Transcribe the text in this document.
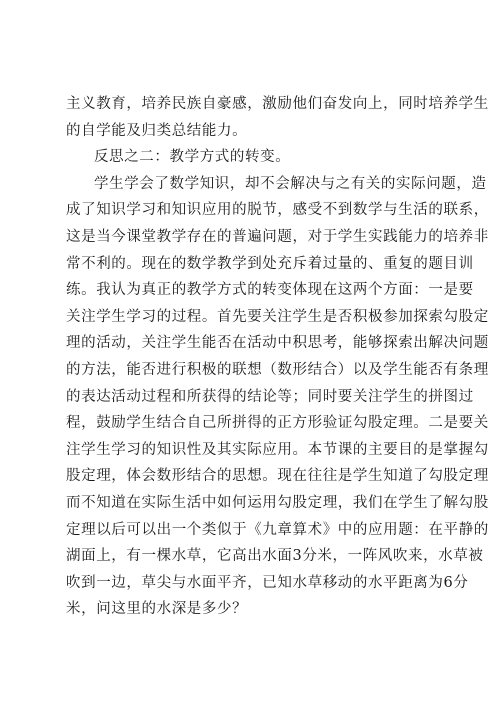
主义教育，培养民族自豪感，激励他们奋发向上，同时培养学生
的自学能及归类总结能力。
反思之二：教学方式的转变。
学生学会了数学知识，却不会解决与之有关的实际问题，造
成了知识学习和知识应用的脱节，感受不到数学与生活的联系，
这是当今课堂教学存在的普遍问题，对于学生实践能力的培养非
常不利的。现在的数学教学到处充斥着过量的、重复的题目训
练。我认为真正的教学方式的转变体现在这两个方面：一是要
关注学生学习的过程。首先要关注学生是否积极参加探索勾股定
理的活动，关注学生能否在活动中积思考，能够探索出解决问题
的方法，能否进行积极的联想（数形结合）以及学生能否有条理
的表达活动过程和所获得的结论等；同时要关注学生的拼图过
程，鼓励学生结合自己所拼得的正方形验证勾股定理。二是要关
注学生学习的知识性及其实际应用。本节课的主要目的是掌握勾
股定理，体会数形结合的思想。现在往往是学生知道了勾股定理
而不知道在实际生活中如何运用勾股定理，我们在学生了解勾股
定理以后可以出一个类似于《九章算术》中的应用题：在平静的
湖面上，有一棵水草，它高出水面3分米，一阵风吹来，水草被
吹到一边，草尖与水面平齐，已知水草移动的水平距离为6分
米，问这里的水深是多少？
